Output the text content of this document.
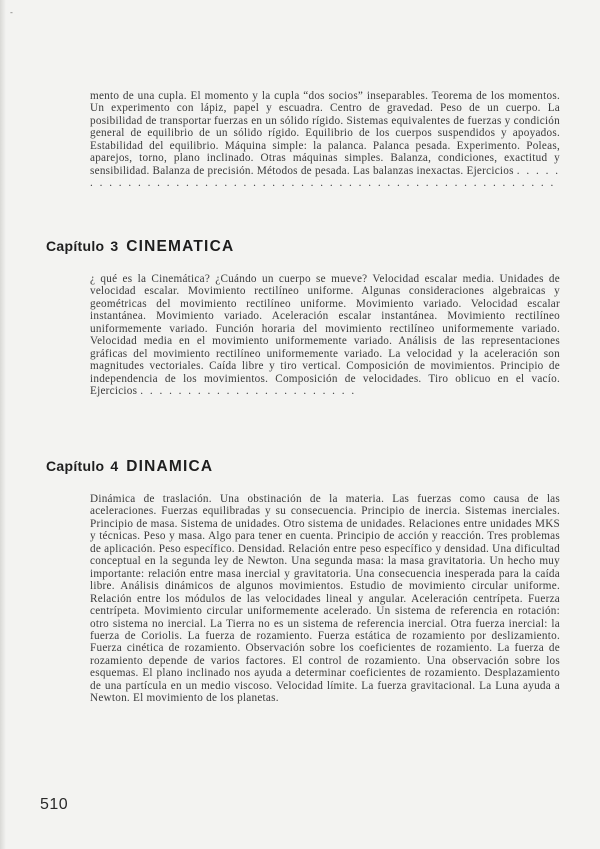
-
mento de una cupla. El momento y la cupla “dos socios” inseparables. Teorema de los momentos. Un experimento con lápiz, papel y escuadra. Centro de gravedad. Peso de un cuerpo. La posibilidad de transportar fuerzas en un sólido rígido. Sistemas equivalentes de fuerzas y condición general de equilibrio de un sólido rígido. Equilibrio de los cuerpos suspendidos y apoyados. Estabilidad del equilibrio. Máquina simple: la palanca. Palanca pesada. Experimento. Poleas, aparejos, torno, plano inclinado. Otras máquinas simples. Balanza, condiciones, exactitud y sensibilidad. Balanza de precisión. Métodos de pesada. Las balanzas inexactas. Ejercicios . . . . . . . . . . . . . . . . . . . . . . . . . . . . . . . . . . . . . . . . . . . . . . . . . . . . . .
Capítulo 3 CINEMATICA
¿ qué es la Cinemática? ¿Cuándo un cuerpo se mueve? Velocidad escalar media. Unidades de velocidad escalar. Movimiento rectilíneo uniforme. Algunas consideraciones algebraicas y geométricas del movimiento rectilíneo uniforme. Movimiento variado. Velocidad escalar instantánea. Movimiento variado. Aceleración escalar instantánea. Movimiento rectilíneo uniformemente variado. Función horaria del movimiento rectilíneo uniformemente variado. Velocidad media en el movimiento uniformemente variado. Análisis de las representaciones gráficas del movimiento rectilíneo uniformemente variado. La velocidad y la aceleración son magnitudes vectoriales. Caída libre y tiro vertical. Composición de movimientos. Principio de independencia de los movimientos. Composición de velocidades. Tiro oblicuo en el vacío. Ejercicios . . . . . . . . . . . . . . . . . . . . . . .
Capítulo 4 DINAMICA
Dinámica de traslación. Una obstinación de la materia. Las fuerzas como causa de las aceleraciones. Fuerzas equilibradas y su consecuencia. Principio de inercia. Sistemas inerciales. Principio de masa. Sistema de unidades. Otro sistema de unidades. Relaciones entre unidades MKS y técnicas. Peso y masa. Algo para tener en cuenta. Principio de acción y reacción. Tres problemas de aplicación. Peso específico. Densidad. Relación entre peso específico y densidad. Una dificultad conceptual en la segunda ley de Newton. Una segunda masa: la masa gravitatoria. Un hecho muy importante: relación entre masa inercial y gravitatoria. Una consecuencia inesperada para la caída libre. Análisis dinámicos de algunos movimientos. Estudio de movimiento circular uniforme. Relación entre los módulos de las velocidades lineal y angular. Aceleración centrípeta. Fuerza centrípeta. Movimiento circular uniformemente acelerado. Un sistema de referencia en rotación: otro sistema no inercial. La Tierra no es un sistema de referencia inercial. Otra fuerza inercial: la fuerza de Coriolis. La fuerza de rozamiento. Fuerza estática de rozamiento por deslizamiento. Fuerza cinética de rozamiento. Observación sobre los coeficientes de rozamiento. La fuerza de rozamiento depende de varios factores. El control de rozamiento. Una observación sobre los esquemas. El plano inclinado nos ayuda a determinar coeficientes de rozamiento. Desplazamiento de una partícula en un medio viscoso. Velocidad límite. La fuerza gravitacional. La Luna ayuda a Newton. El movimiento de los planetas.
510
